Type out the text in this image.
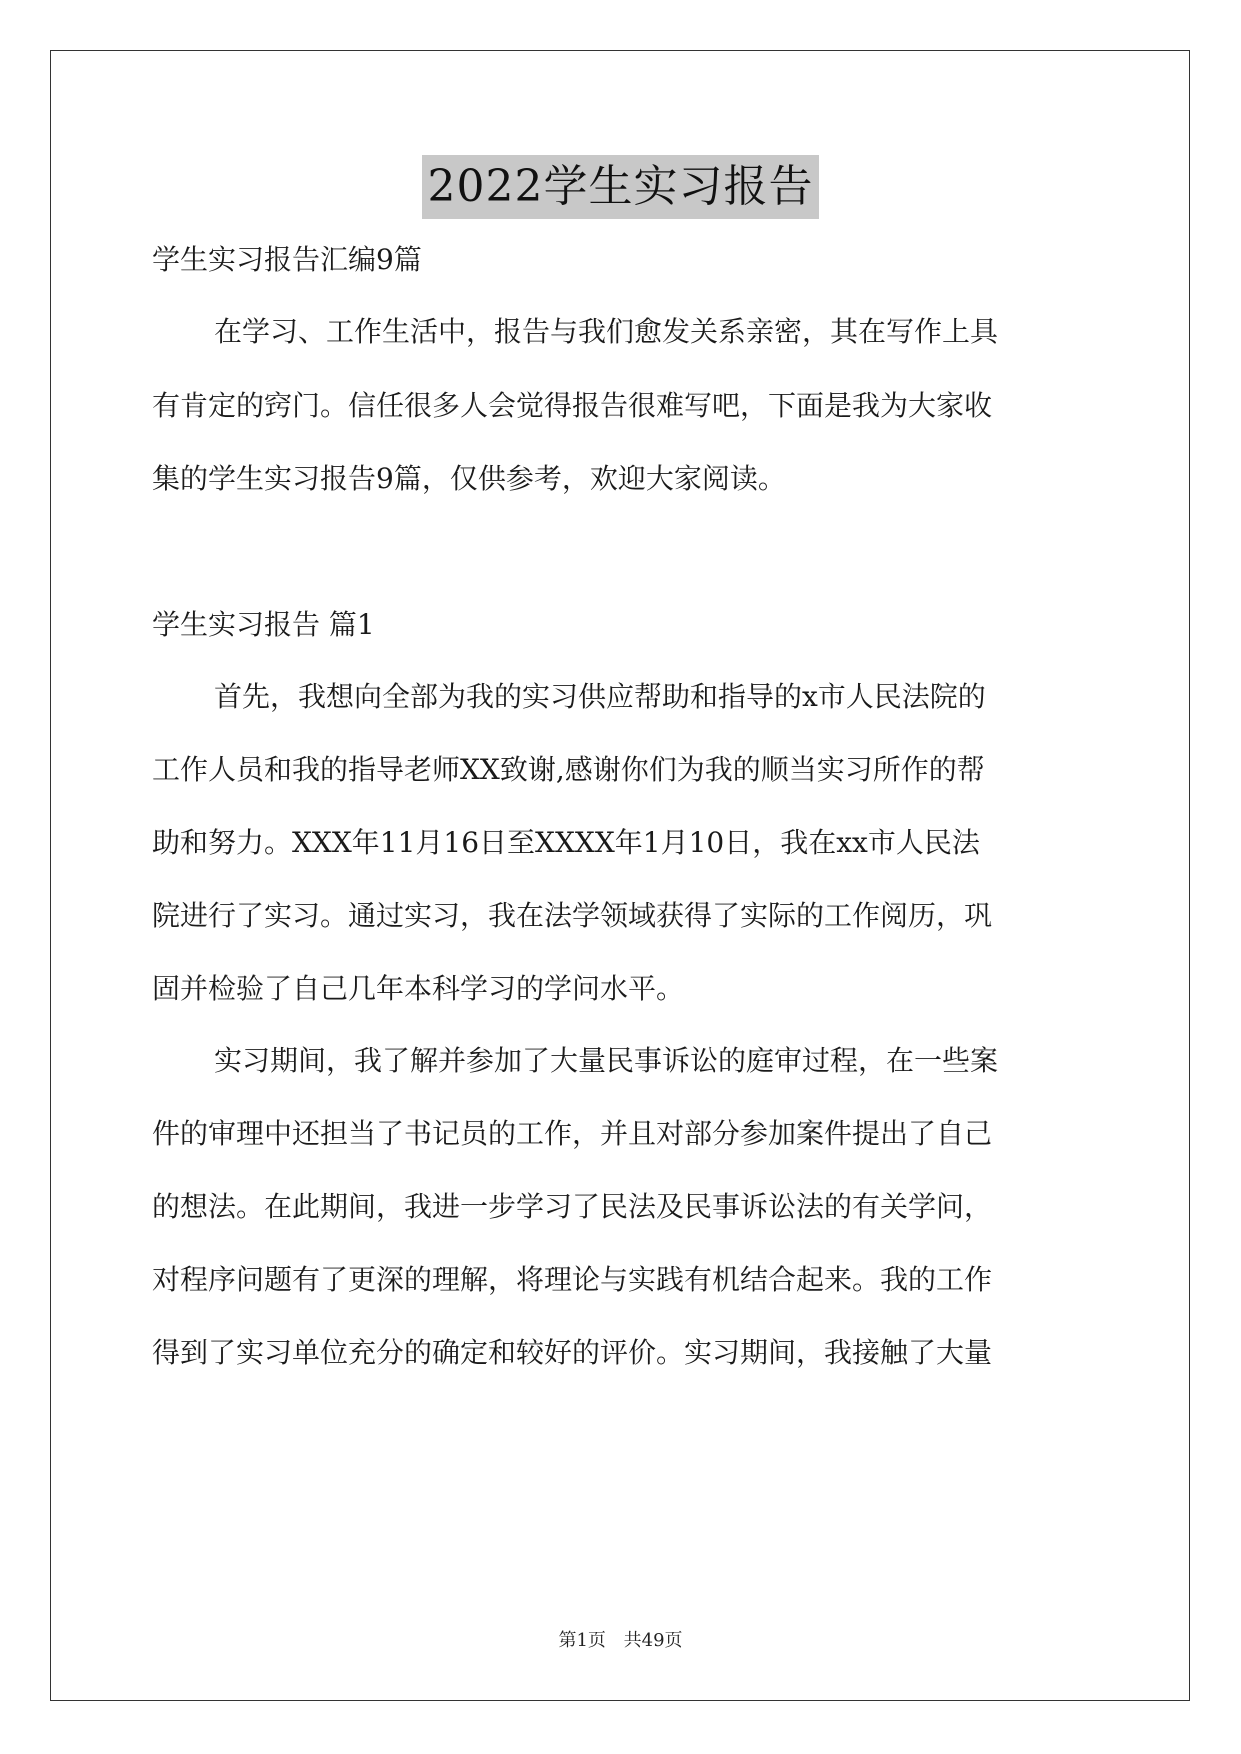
2022学生实习报告
学生实习报告汇编9篇
在学习、工作生活中，报告与我们愈发关系亲密，其在写作上具
有肯定的窍门。信任很多人会觉得报告很难写吧，下面是我为大家收
集的学生实习报告9篇，仅供参考，欢迎大家阅读。
学生实习报告 篇1
首先，我想向全部为我的实习供应帮助和指导的x市人民法院的
工作人员和我的指导老师XX致谢,感谢你们为我的顺当实习所作的帮
助和努力。XXX年11月16日至XXXX年1月10日，我在xx市人民法
院进行了实习。通过实习，我在法学领域获得了实际的工作阅历，巩
固并检验了自己几年本科学习的学问水平。
实习期间，我了解并参加了大量民事诉讼的庭审过程，在一些案
件的审理中还担当了书记员的工作，并且对部分参加案件提出了自己
的想法。在此期间，我进一步学习了民法及民事诉讼法的有关学问，
对程序问题有了更深的理解，将理论与实践有机结合起来。我的工作
得到了实习单位充分的确定和较好的评价。实习期间，我接触了大量
第1页 共49页
